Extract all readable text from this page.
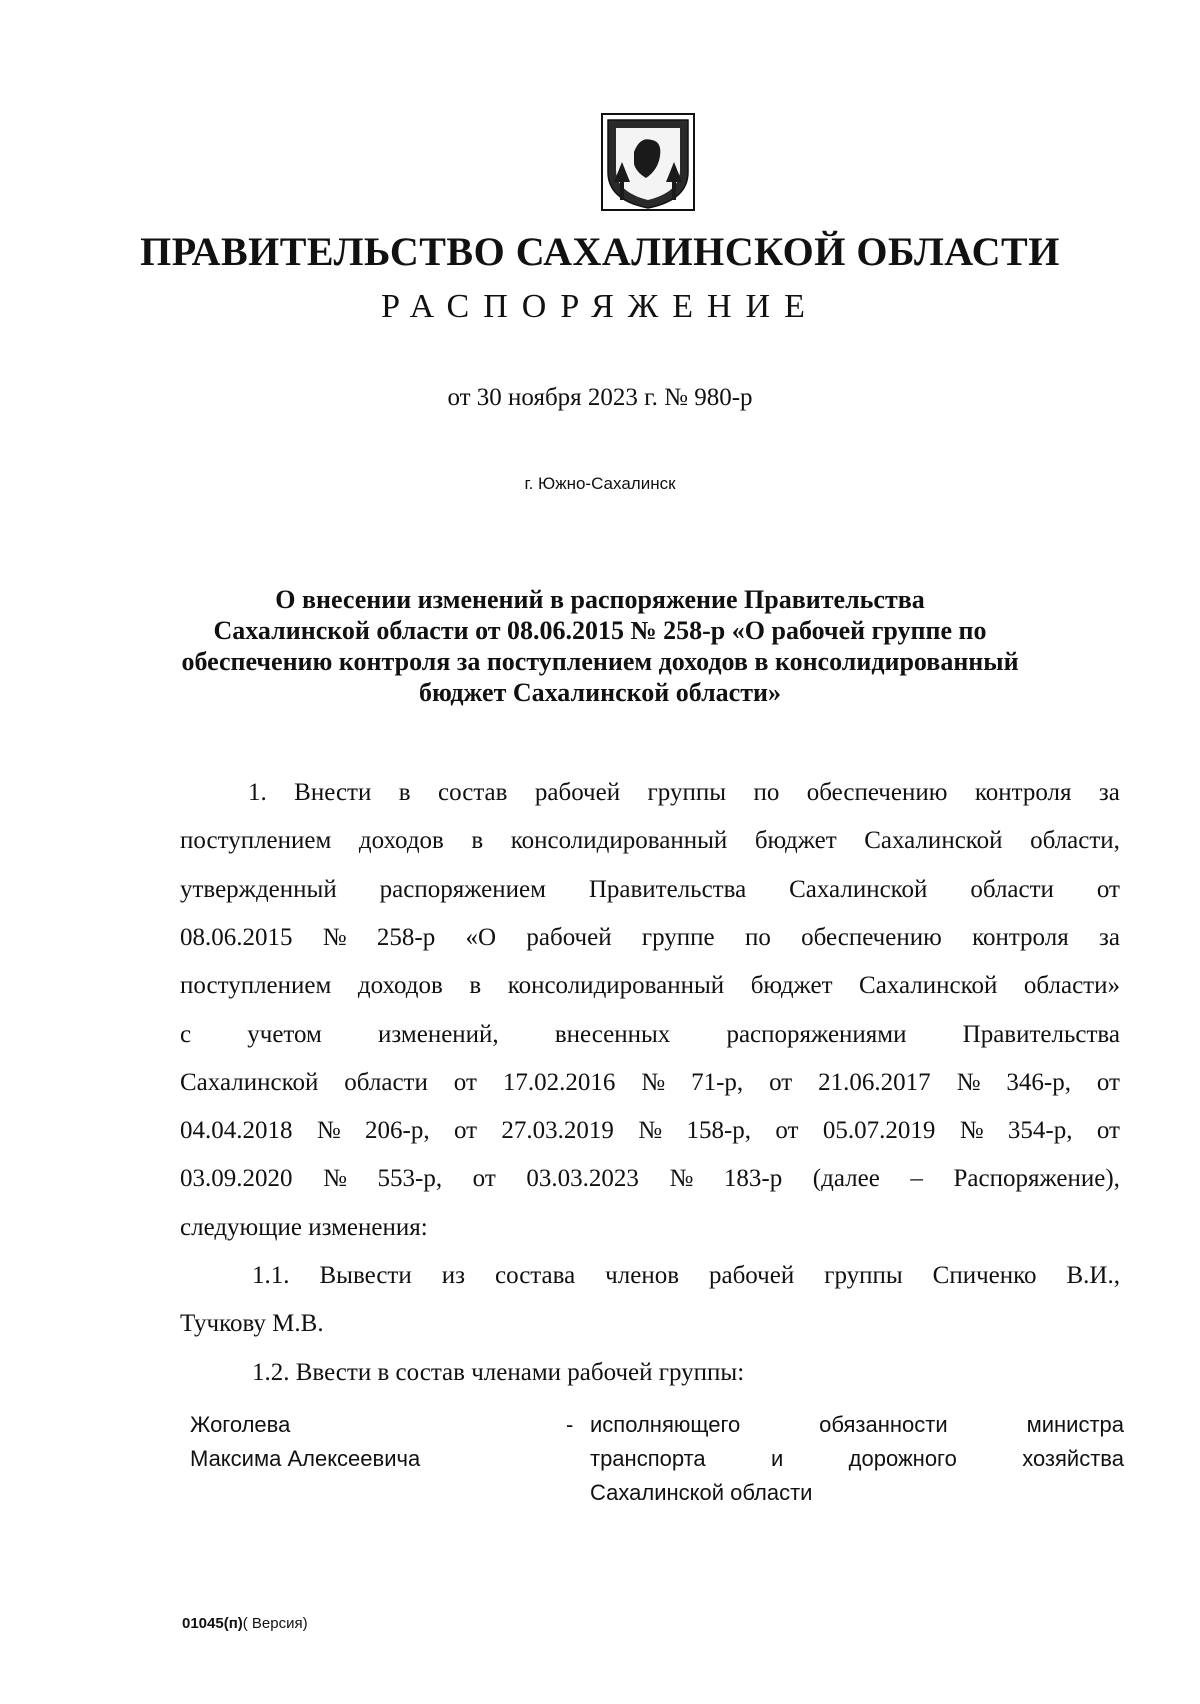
ПРАВИТЕЛЬСТВО САХАЛИНСКОЙ ОБЛАСТИ
РАСПОРЯЖЕНИЕ
от 30 ноября 2023 г. № 980-р
г. Южно-Сахалинск
О внесении изменений в распоряжение Правительства
Сахалинской области от 08.06.2015 № 258-р «О рабочей группе по
обеспечению контроля за поступлением доходов в консолидированный
бюджет Сахалинской области»
1. Внести в состав рабочей группы по обеспечению контроля за
поступлением доходов в консолидированный бюджет Сахалинской области,
утвержденный распоряжением Правительства Сахалинской области от
08.06.2015 № 258-р «О рабочей группе по обеспечению контроля за
поступлением доходов в консолидированный бюджет Сахалинской области»
с учетом изменений, внесенных распоряжениями Правительства
Сахалинской области от 17.02.2016 № 71-р, от 21.06.2017 № 346-р, от
04.04.2018 № 206-р, от 27.03.2019 № 158-р, от 05.07.2019 № 354-р, от
03.09.2020 № 553-р, от 03.03.2023 № 183-р (далее – Распоряжение),
следующие изменения:
1.1. Вывести из состава членов рабочей группы Спиченко В.И.,
Тучкову М.В.
1.2. Ввести в состав членами рабочей группы:
Жоголева
Максима Алексеевича
- исполняющего	обязанности	министра
транспорта	и	дорожного	хозяйства
Сахалинской области
01045(п)( Версия)
